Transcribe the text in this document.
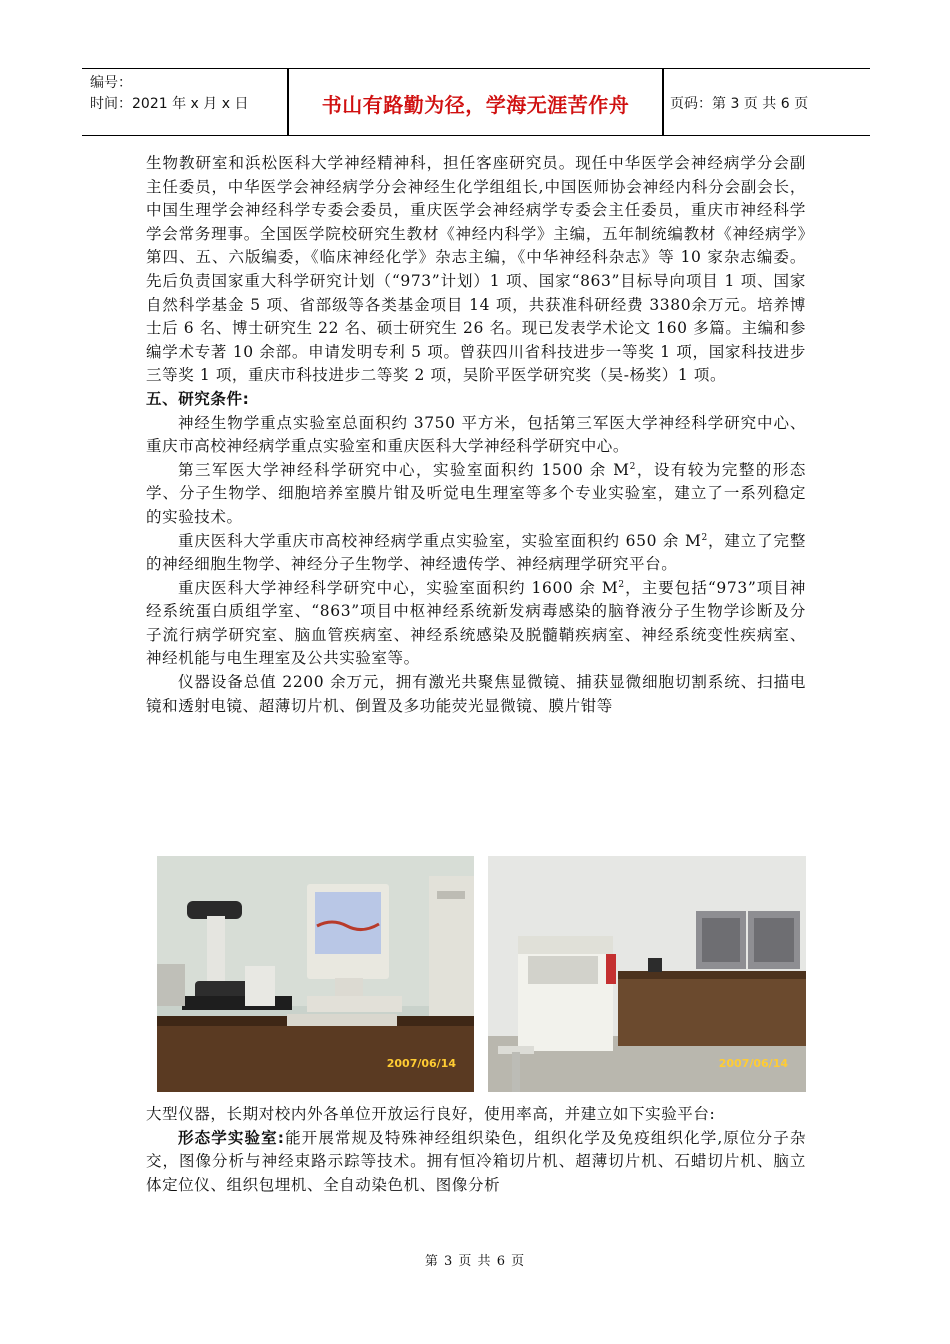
编号：
时间：2021 年 x 月 x 日	书山有路勤为径，学海无涯苦作舟	页码：第 3 页 共 6 页

生物教研室和浜松医科大学神经精神科，担任客座研究员。现任中华医学会神经病学分会副主任委员，中华医学会神经病学分会神经生化学组组长,中国医师协会神经内科分会副会长，中国生理学会神经科学专委会委员，重庆医学会神经病学专委会主任委员，重庆市神经科学学会常务理事。全国医学院校研究生教材《神经内科学》主编，五年制统编教材《神经病学》第四、五、六版编委，《临床神经化学》杂志主编，《中华神经科杂志》等 10 家杂志编委。先后负责国家重大科学研究计划（“973”计划）1 项、国家“863”目标导向项目 1 项、国家自然科学基金 5 项、省部级等各类基金项目 14 项，共获准科研经费 3380余万元。培养博士后 6 名、博士研究生 22 名、硕士研究生 26 名。现已发表学术论文 160 多篇。主编和参编学术专著 10 余部。申请发明专利 5 项。曾获四川省科技进步一等奖 1 项，国家科技进步三等奖 1 项，重庆市科技进步二等奖 2 项，吴阶平医学研究奖（吴-杨奖）1 项。

五、研究条件:

神经生物学重点实验室总面积约 3750 平方米，包括第三军医大学神经科学研究中心、重庆市高校神经病学重点实验室和重庆医科大学神经科学研究中心。

第三军医大学神经科学研究中心，实验室面积约 1500 余 $M^2$，设有较为完整的形态学、分子生物学、细胞培养室膜片钳及听觉电生理室等多个专业实验室，建立了一系列稳定的实验技术。

重庆医科大学重庆市高校神经病学重点实验室，实验室面积约 650 余 $M^2$，建立了完整的神经细胞生物学、神经分子生物学、神经遗传学、神经病理学研究平台。

重庆医科大学神经科学研究中心，实验室面积约 1600 余 $M^2$，主要包括“973”项目神经系统蛋白质组学室、“863”项目中枢神经系统新发病毒感染的脑脊液分子生物学诊断及分子流行病学研究室、脑血管疾病室、神经系统感染及脱髓鞘疾病室、神经系统变性疾病室、神经机能与电生理室及公共实验室等。

仪器设备总值 2200 余万元，拥有激光共聚焦显微镜、捕获显微细胞切割系统、扫描电镜和透射电镜、超薄切片机、倒置及多功能荧光显微镜、膜片钳等

2007/06/14	2007/06/14

大型仪器，长期对校内外各单位开放运行良好，使用率高，并建立如下实验平台:

形态学实验室:能开展常规及特殊神经组织染色，组织化学及免疫组织化学,原位分子杂交，图像分析与神经束路示踪等技术。拥有恒冷箱切片机、超薄切片机、石蜡切片机、脑立体定位仪、组织包埋机、全自动染色机、图像分析

第 3 页 共 6 页
